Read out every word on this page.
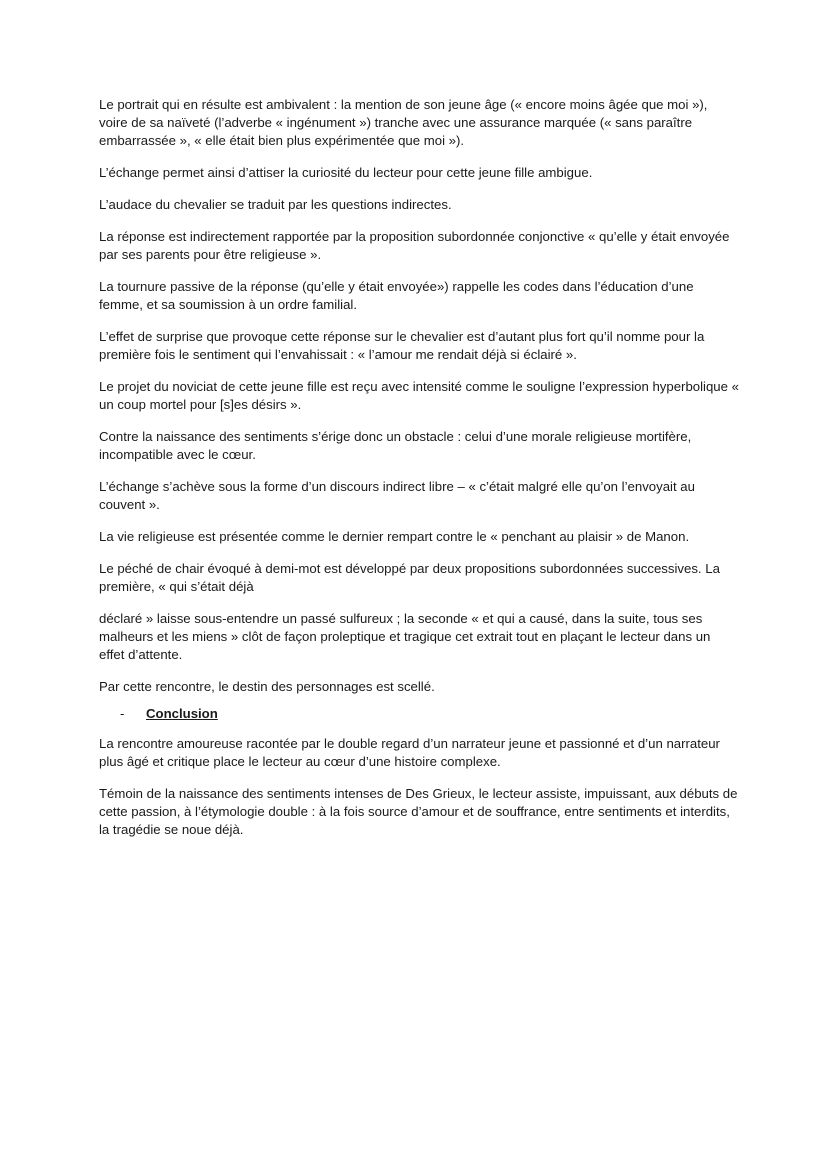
Le portrait qui en résulte est ambivalent : la mention de son jeune âge (« encore moins âgée que moi »), voire de sa naïveté (l’adverbe « ingénument ») tranche avec une assurance marquée (« sans paraître embarrassée », « elle était bien plus expérimentée que moi »).

L’échange permet ainsi d’attiser la curiosité du lecteur pour cette jeune fille ambigue.

L’audace du chevalier se traduit par les questions indirectes.

La réponse est indirectement rapportée par la proposition subordonnée conjonctive « qu’elle y était envoyée par ses parents pour être religieuse ».

La tournure passive de la réponse (qu’elle y était envoyée») rappelle les codes dans l’éducation d’une femme, et sa soumission à un ordre familial.

L’effet de surprise que provoque cette réponse sur le chevalier est d’autant plus fort qu’il nomme pour la première fois le sentiment qui l’envahissait : « l’amour me rendait déjà si éclairé ».

Le projet du noviciat de cette jeune fille est reçu avec intensité comme le souligne l’expression hyperbolique « un coup mortel pour [s]es désirs ».

Contre la naissance des sentiments s’érige donc un obstacle : celui d’une morale religieuse mortifère, incompatible avec le cœur.

L’échange s’achève sous la forme d’un discours indirect libre – « c’était malgré elle qu’on l’envoyait au couvent ».

La vie religieuse est présentée comme le dernier rempart contre le « penchant au plaisir » de Manon.

Le péché de chair évoqué à demi-mot est développé par deux propositions subordonnées successives. La première, « qui s’était déjà

déclaré » laisse sous-entendre un passé sulfureux ; la seconde « et qui a causé, dans la suite, tous ses malheurs et les miens » clôt de façon proleptique et tragique cet extrait tout en plaçant le lecteur dans un effet d’attente.

Par cette rencontre, le destin des personnages est scellé.

-	Conclusion

La rencontre amoureuse racontée par le double regard d’un narrateur jeune et passionné et d’un narrateur plus âgé et critique place le lecteur au cœur d’une histoire complexe.

Témoin de la naissance des sentiments intenses de Des Grieux, le lecteur assiste, impuissant, aux débuts de cette passion, à l’étymologie double : à la fois source d’amour et de souffrance, entre sentiments et interdits, la tragédie se noue déjà.
